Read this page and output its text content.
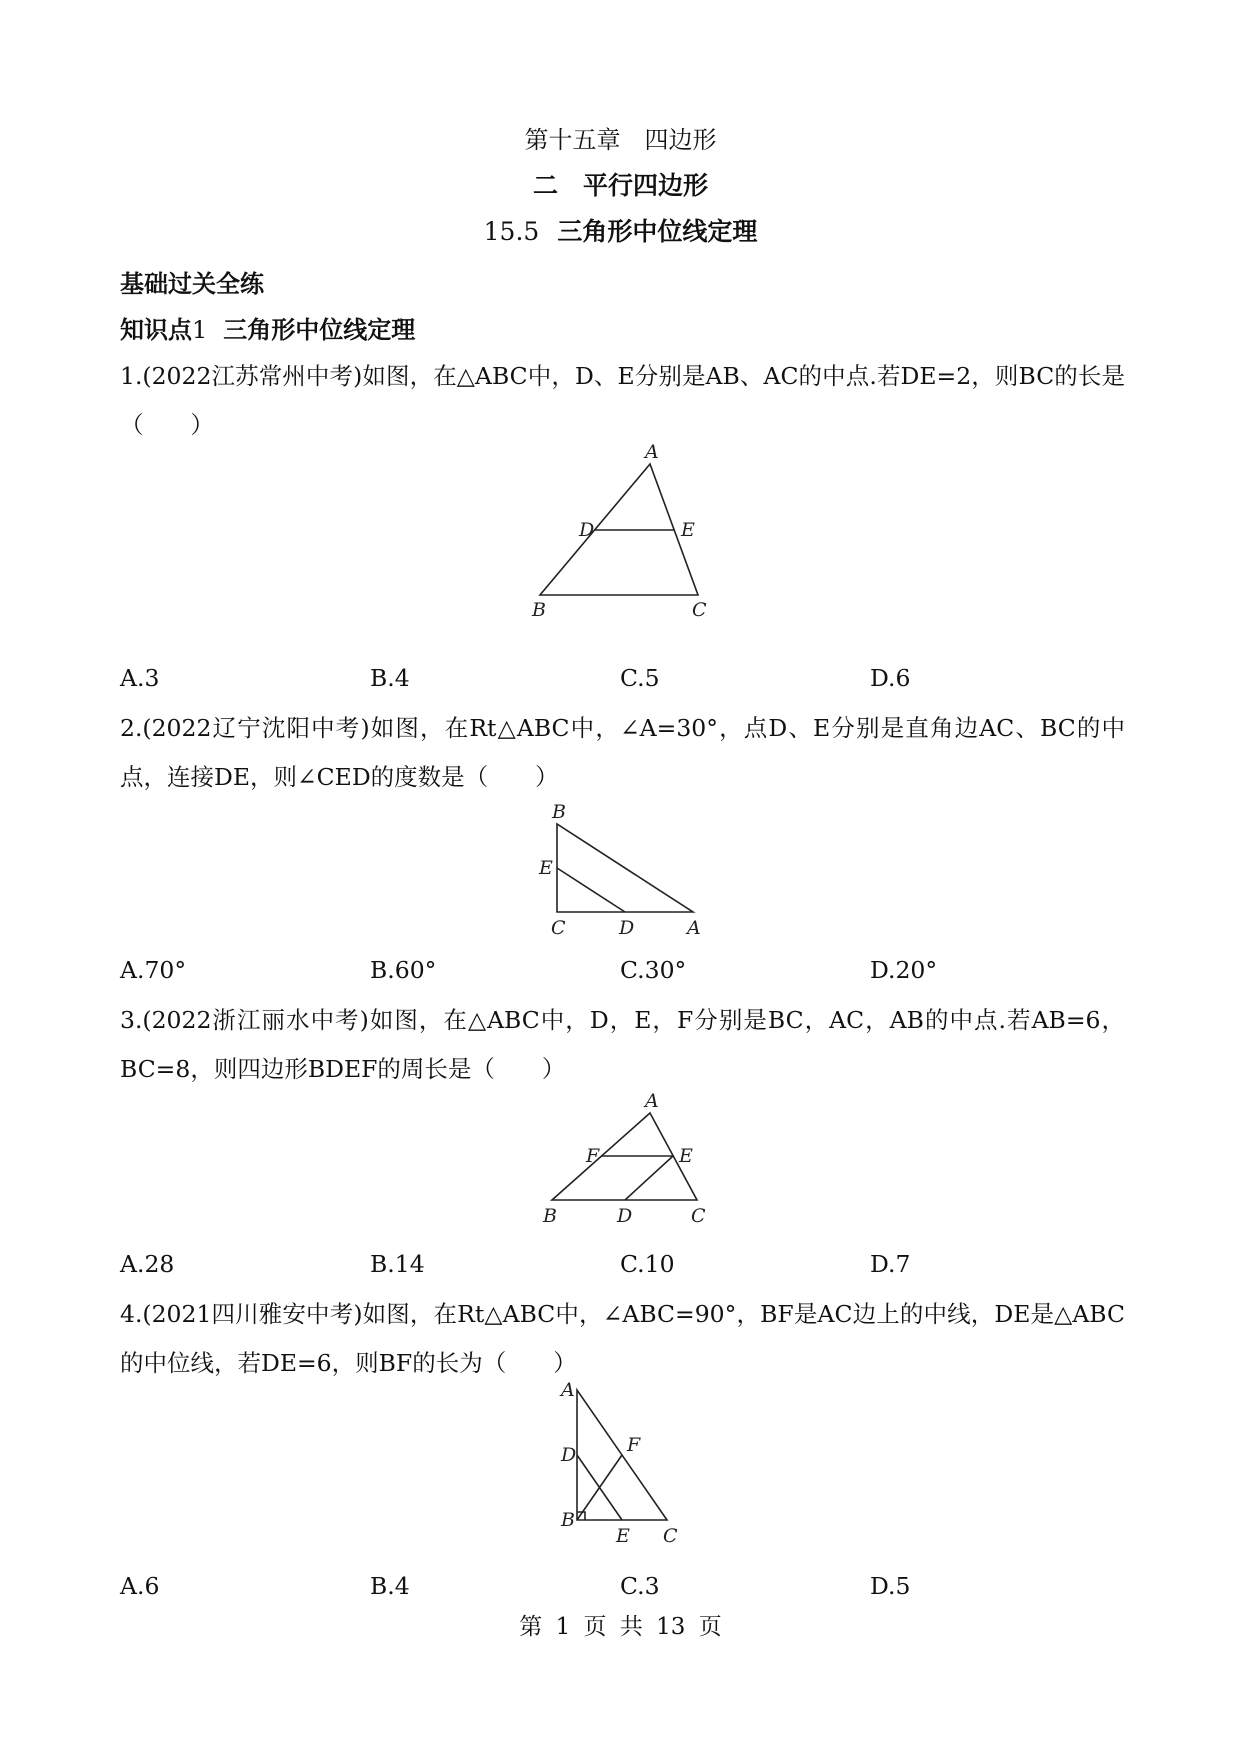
第十五章　四边形
二　平行四边形
15.5 三角形中位线定理
基础过关全练
知识点1 三角形中位线定理
1.(2022江苏常州中考)如图，在△ABC中，D、E分别是AB、AC的中点.若DE=2，则BC的长是（　　）
A
D	E
B	C
A.3	B.4	C.5	D.6
2.(2022辽宁沈阳中考)如图，在Rt△ABC中，∠A=30°，点D、E分别是直角边AC、BC的中点，连接DE，则∠CED的度数是（　　）
B
E
C	D	A
A.70°	B.60°	C.30°	D.20°
3.(2022浙江丽水中考)如图，在△ABC中，D，E，F分别是BC，AC，AB的中点.若AB=6，BC=8，则四边形BDEF的周长是（　　）
A
F	E
B	D	C
A.28	B.14	C.10	D.7
4.(2021四川雅安中考)如图，在Rt△ABC中，∠ABC=90°，BF是AC边上的中线，DE是△ABC的中位线，若DE=6，则BF的长为（　　）
A
D	F
B
E C
A.6	B.4	C.3	D.5
第 1 页 共 13 页
